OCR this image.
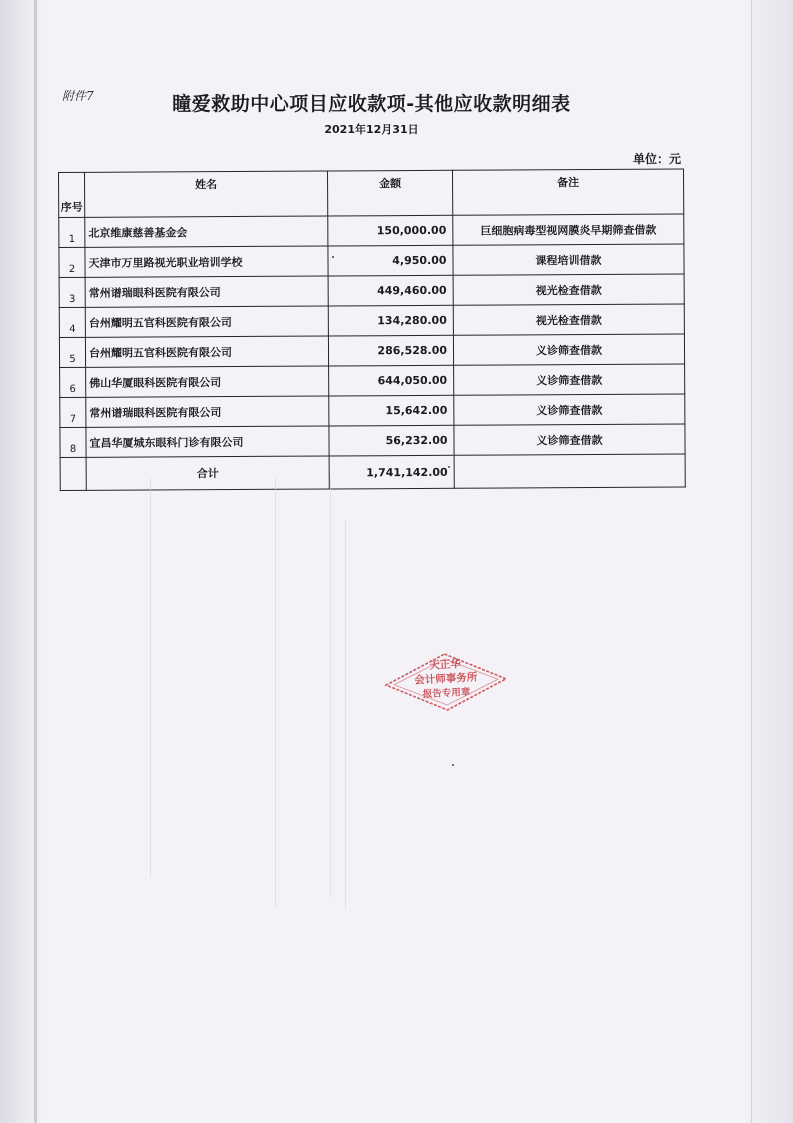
附件7	瞳爱救助中心项目应收款项-其他应收款明细表
2021年12月31日
单位：元
序号	姓名	金额	备注
1	北京维康慈善基金会	150,000.00	巨细胞病毒型视网膜炎早期筛查借款
2	天津市万里路视光职业培训学校	4,950.00	课程培训借款
3	常州谱瑞眼科医院有限公司	449,460.00	视光检查借款
4	台州耀明五官科医院有限公司	134,280.00	视光检查借款
5	台州耀明五官科医院有限公司	286,528.00	义诊筛查借款
6	佛山华厦眼科医院有限公司	644,050.00	义诊筛查借款
7	常州谱瑞眼科医院有限公司	15,642.00	义诊筛查借款
8	宜昌华厦城东眼科门诊有限公司	56,232.00	义诊筛查借款
	合计	1,741,142.00	
天正华
会计师事务所
报告专用章
